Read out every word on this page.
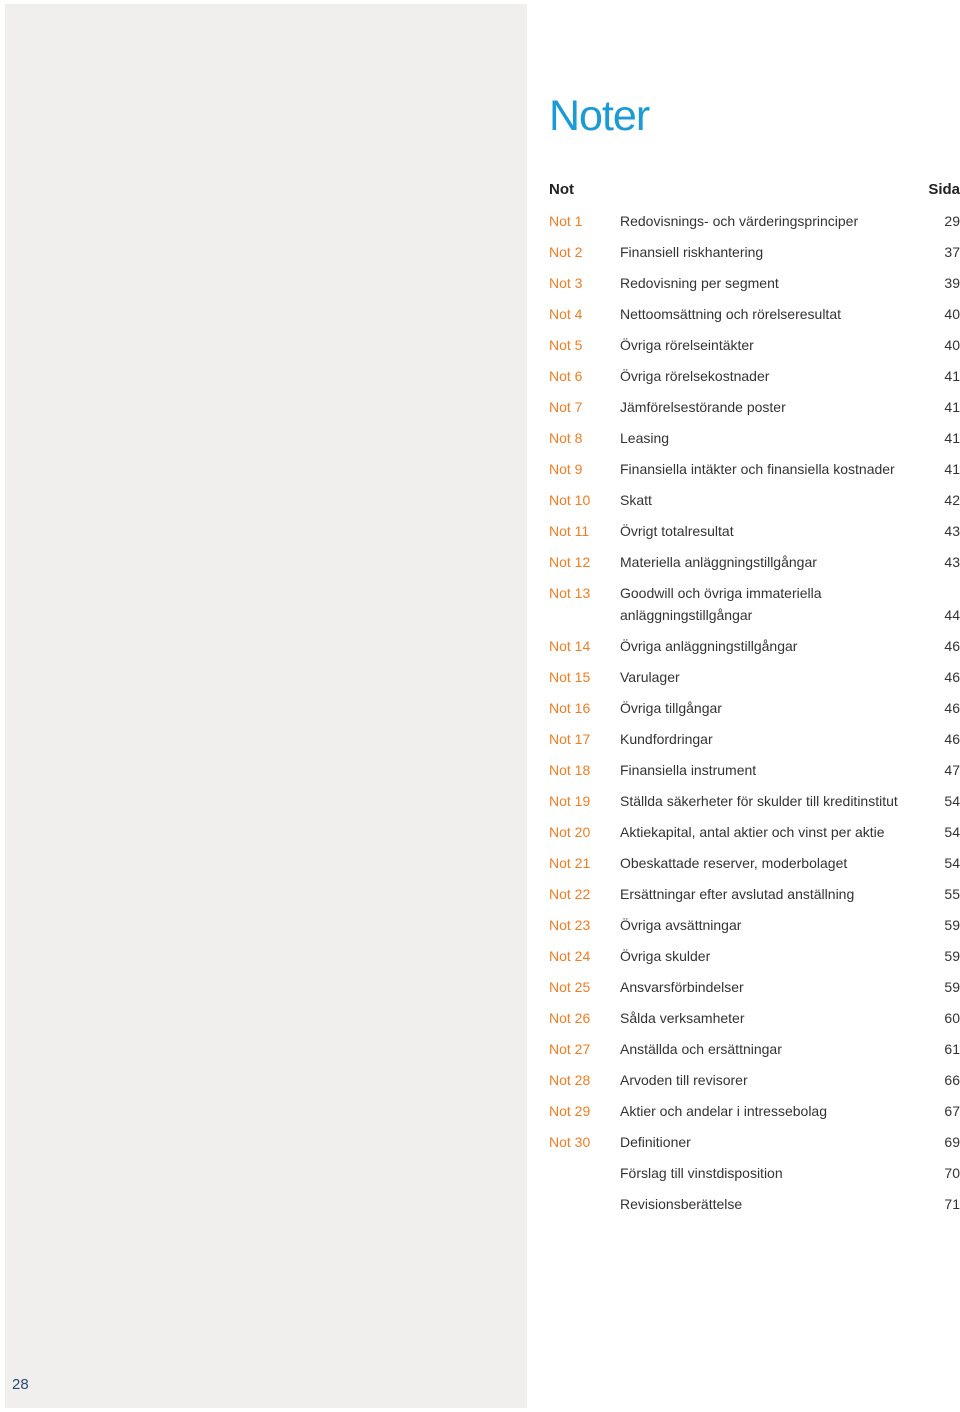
28
Noter
Not	Sida
Not 1	Redovisnings- och värderingsprinciper	29
Not 2	Finansiell riskhantering	37
Not 3	Redovisning per segment	39
Not 4	Nettoomsättning och rörelseresultat	40
Not 5	Övriga rörelseintäkter	40
Not 6	Övriga rörelsekostnader	41
Not 7	Jämförelsestörande poster	41
Not 8	Leasing	41
Not 9	Finansiella intäkter och finansiella kostnader	41
Not 10 Skatt	42
Not 11 Övrigt totalresultat	43
Not 12 Materiella anläggningstillgångar	43
Not 13 Goodwill och övriga immateriella anläggningstillgångar	44
Not 14 Övriga anläggningstillgångar	46
Not 15 Varulager	46
Not 16 Övriga tillgångar	46
Not 17 Kundfordringar	46
Not 18 Finansiella instrument	47
Not 19 Ställda säkerheter för skulder till kreditinstitut	54
Not 20 Aktiekapital, antal aktier och vinst per aktie	54
Not 21 Obeskattade reserver, moderbolaget	54
Not 22 Ersättningar efter avslutad anställning	55
Not 23 Övriga avsättningar	59
Not 24 Övriga skulder	59
Not 25 Ansvarsförbindelser	59
Not 26 Sålda verksamheter	60
Not 27 Anställda och ersättningar	61
Not 28 Arvoden till revisorer	66
Not 29 Aktier och andelar i intressebolag	67
Not 30 Definitioner	69
Förslag till vinstdisposition	70
Revisionsberättelse	71
